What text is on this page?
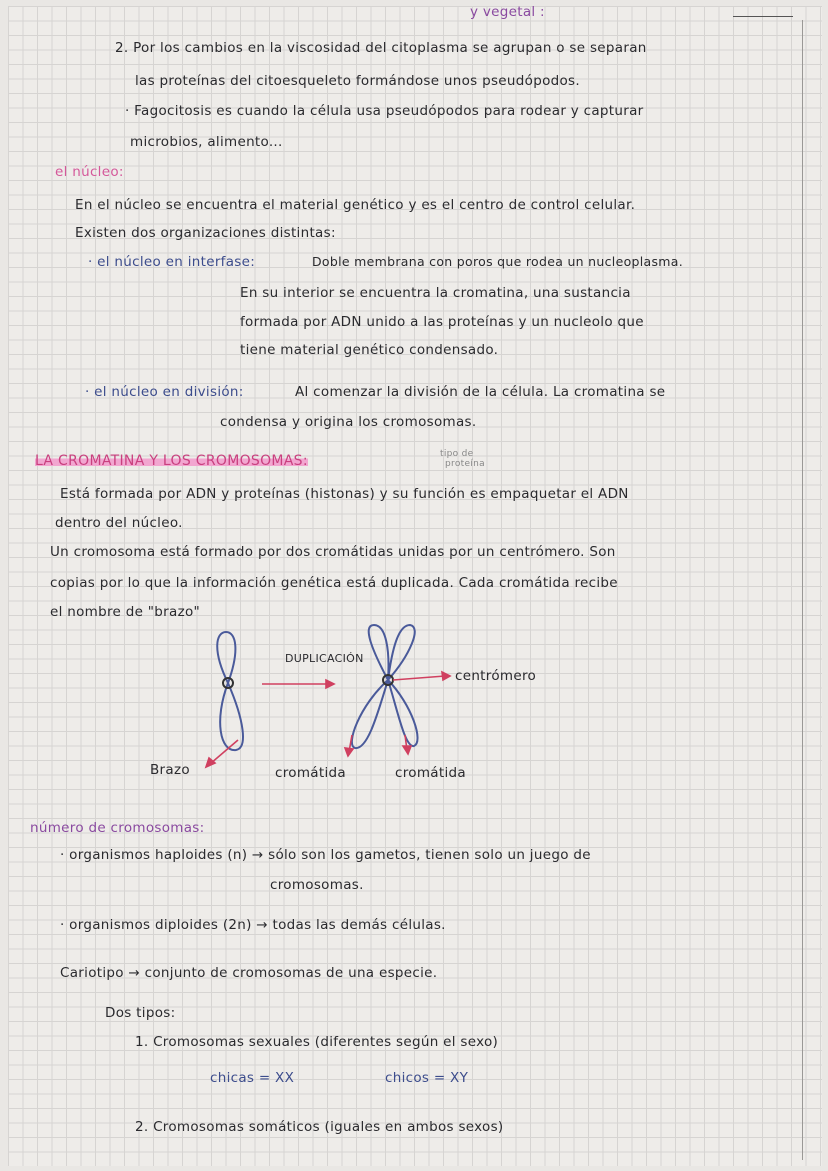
y vegetal :
2. Por los cambios en la viscosidad del citoplasma se agrupan o se separan
las proteínas del citoesqueleto formándose unos pseudópodos.
· Fagocitosis es cuando la célula usa pseudópodos para rodear y capturar
microbios, alimento...
el núcleo:
En el núcleo se encuentra el material genético y es el centro de control celular.
Existen dos organizaciones distintas:
· el núcleo en interfase:	Doble membrana con poros que rodea un nucleoplasma.
En su interior se encuentra la cromatina, una sustancia
formada por ADN unido a las proteínas y un nucleolo que
tiene material genético condensado.
· el núcleo en división:	Al comenzar la división de la célula. La cromatina se
condensa y origina los cromosomas.
LA CROMATINA Y LOS CROMOSOMAS:	tipo de
proteína
Está formada por ADN y proteínas (histonas) y su función es empaquetar el ADN
dentro del núcleo.
Un cromosoma está formado por dos cromátidas unidas por un centrómero. Son
copias por lo que la información genética está duplicada. Cada cromátida recibe
el nombre de "brazo"
DUPLICACIÓN
centrómero
Brazo	cromátida	cromátida
número de cromosomas:
· organismos haploides (n) → sólo son los gametos, tienen solo un juego de
cromosomas.
· organismos diploides (2n) → todas las demás células.
Cariotipo → conjunto de cromosomas de una especie.
Dos tipos:
1. Cromosomas sexuales (diferentes según el sexo)
chicas = XX	chicos = XY
2. Cromosomas somáticos (iguales en ambos sexos)
